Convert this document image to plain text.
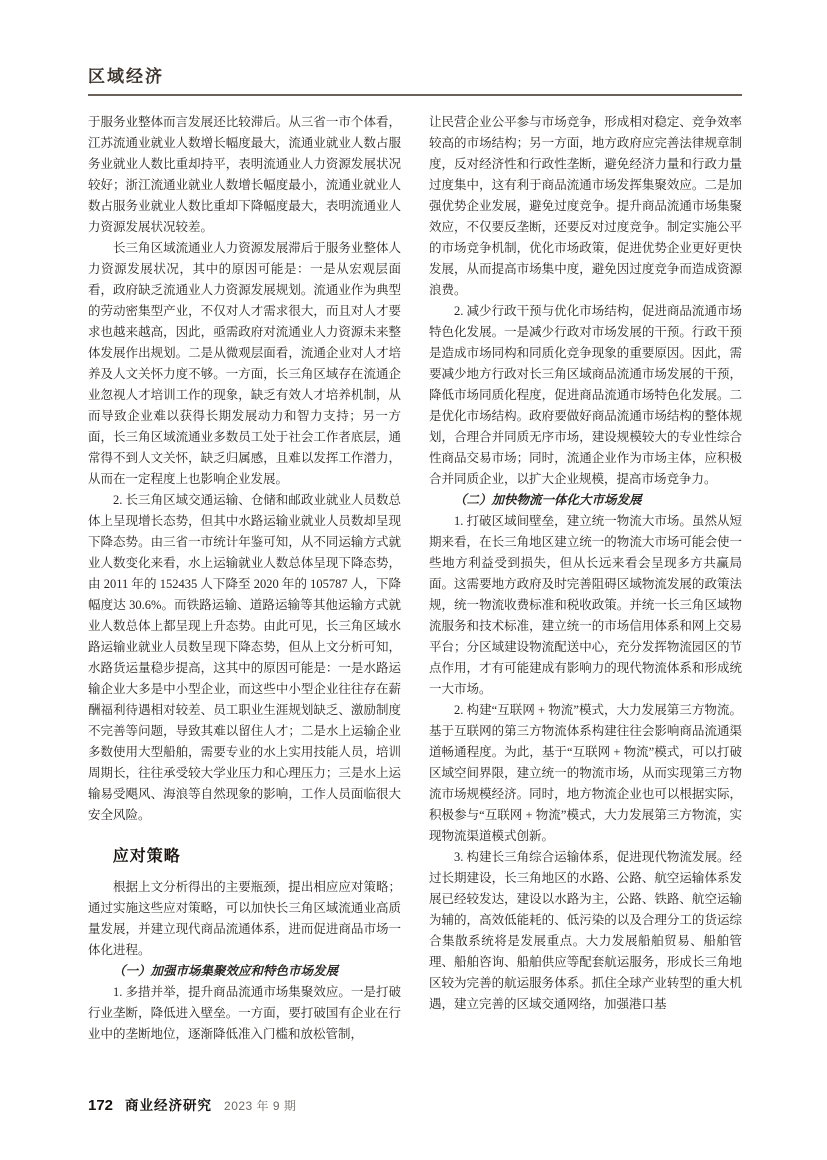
区域经济

于服务业整体而言发展还比较滞后。从三省一市个体看，江苏流通业就业人数增长幅度最大，流通业就业人数占服务业就业人数比重却持平，表明流通业人力资源发展状况较好；浙江流通业就业人数增长幅度最小，流通业就业人数占服务业就业人数比重却下降幅度最大，表明流通业人力资源发展状况较差。

长三角区域流通业人力资源发展滞后于服务业整体人力资源发展状况，其中的原因可能是：一是从宏观层面看，政府缺乏流通业人力资源发展规划。流通业作为典型的劳动密集型产业，不仅对人才需求很大，而且对人才要求也越来越高，因此，亟需政府对流通业人力资源未来整体发展作出规划。二是从微观层面看，流通企业对人才培养及人文关怀力度不够。一方面，长三角区域存在流通企业忽视人才培训工作的现象，缺乏有效人才培养机制，从而导致企业难以获得长期发展动力和智力支持；另一方面，长三角区域流通业多数员工处于社会工作者底层，通常得不到人文关怀，缺乏归属感，且难以发挥工作潜力，从而在一定程度上也影响企业发展。

2. 长三角区域交通运输、仓储和邮政业就业人员数总体上呈现增长态势，但其中水路运输业就业人员数却呈现下降态势。由三省一市统计年鉴可知，从不同运输方式就业人数变化来看，水上运输就业人数总体呈现下降态势，由 2011 年的 152435 人下降至 2020 年的 105787 人，下降幅度达 30.6%。而铁路运输、道路运输等其他运输方式就业人数总体上都呈现上升态势。由此可见，长三角区域水路运输业就业人员数呈现下降态势，但从上文分析可知，水路货运量稳步提高，这其中的原因可能是：一是水路运输企业大多是中小型企业，而这些中小型企业往往存在薪酬福利待遇相对较差、员工职业生涯规划缺乏、激励制度不完善等问题，导致其难以留住人才；二是水上运输企业多数使用大型船舶，需要专业的水上实用技能人员，培训周期长，往往承受较大学业压力和心理压力；三是水上运输易受飓风、海浪等自然现象的影响，工作人员面临很大安全风险。

应对策略

根据上文分析得出的主要瓶颈，提出相应应对策略；通过实施这些应对策略，可以加快长三角区域流通业高质量发展，并建立现代商品流通体系，进而促进商品市场一体化进程。

（一）加强市场集聚效应和特色市场发展

1. 多措并举，提升商品流通市场集聚效应。一是打破行业垄断，降低进入壁垒。一方面，要打破国有企业在行业中的垄断地位，逐渐降低准入门槛和放松管制，

让民营企业公平参与市场竞争，形成相对稳定、竞争效率较高的市场结构；另一方面，地方政府应完善法律规章制度，反对经济性和行政性垄断，避免经济力量和行政力量过度集中，这有利于商品流通市场发挥集聚效应。二是加强优势企业发展，避免过度竞争。提升商品流通市场集聚效应，不仅要反垄断，还要反对过度竞争。制定实施公平的市场竞争机制，优化市场政策，促进优势企业更好更快发展，从而提高市场集中度，避免因过度竞争而造成资源浪费。

2. 减少行政干预与优化市场结构，促进商品流通市场特色化发展。一是减少行政对市场发展的干预。行政干预是造成市场同构和同质化竞争现象的重要原因。因此，需要减少地方行政对长三角区域商品流通市场发展的干预，降低市场同质化程度，促进商品流通市场特色化发展。二是优化市场结构。政府要做好商品流通市场结构的整体规划，合理合并同质无序市场，建设规模较大的专业性综合性商品交易市场；同时，流通企业作为市场主体，应积极合并同质企业，以扩大企业规模，提高市场竞争力。

（二）加快物流一体化大市场发展

1. 打破区域间壁垒，建立统一物流大市场。虽然从短期来看，在长三角地区建立统一的物流大市场可能会使一些地方利益受到损失，但从长远来看会呈现多方共赢局面。这需要地方政府及时完善阻碍区域物流发展的政策法规，统一物流收费标准和税收政策。并统一长三角区域物流服务和技术标准，建立统一的市场信用体系和网上交易平台；分区域建设物流配送中心，充分发挥物流园区的节点作用，才有可能建成有影响力的现代物流体系和形成统一大市场。

2. 构建“互联网 + 物流”模式，大力发展第三方物流。基于互联网的第三方物流体系构建往往会影响商品流通渠道畅通程度。为此，基于“互联网 + 物流”模式，可以打破区域空间界限，建立统一的物流市场，从而实现第三方物流市场规模经济。同时，地方物流企业也可以根据实际，积极参与“互联网 + 物流”模式，大力发展第三方物流，实现物流渠道模式创新。

3. 构建长三角综合运输体系，促进现代物流发展。经过长期建设，长三角地区的水路、公路、航空运输体系发展已经较发达，建设以水路为主，公路、铁路、航空运输为辅的，高效低能耗的、低污染的以及合理分工的货运综合集散系统将是发展重点。大力发展船舶贸易、船舶管理、船舶咨询、船舶供应等配套航运服务，形成长三角地区较为完善的航运服务体系。抓住全球产业转型的重大机遇，建立完善的区域交通网络，加强港口基

172 商业经济研究 2023 年 9 期
